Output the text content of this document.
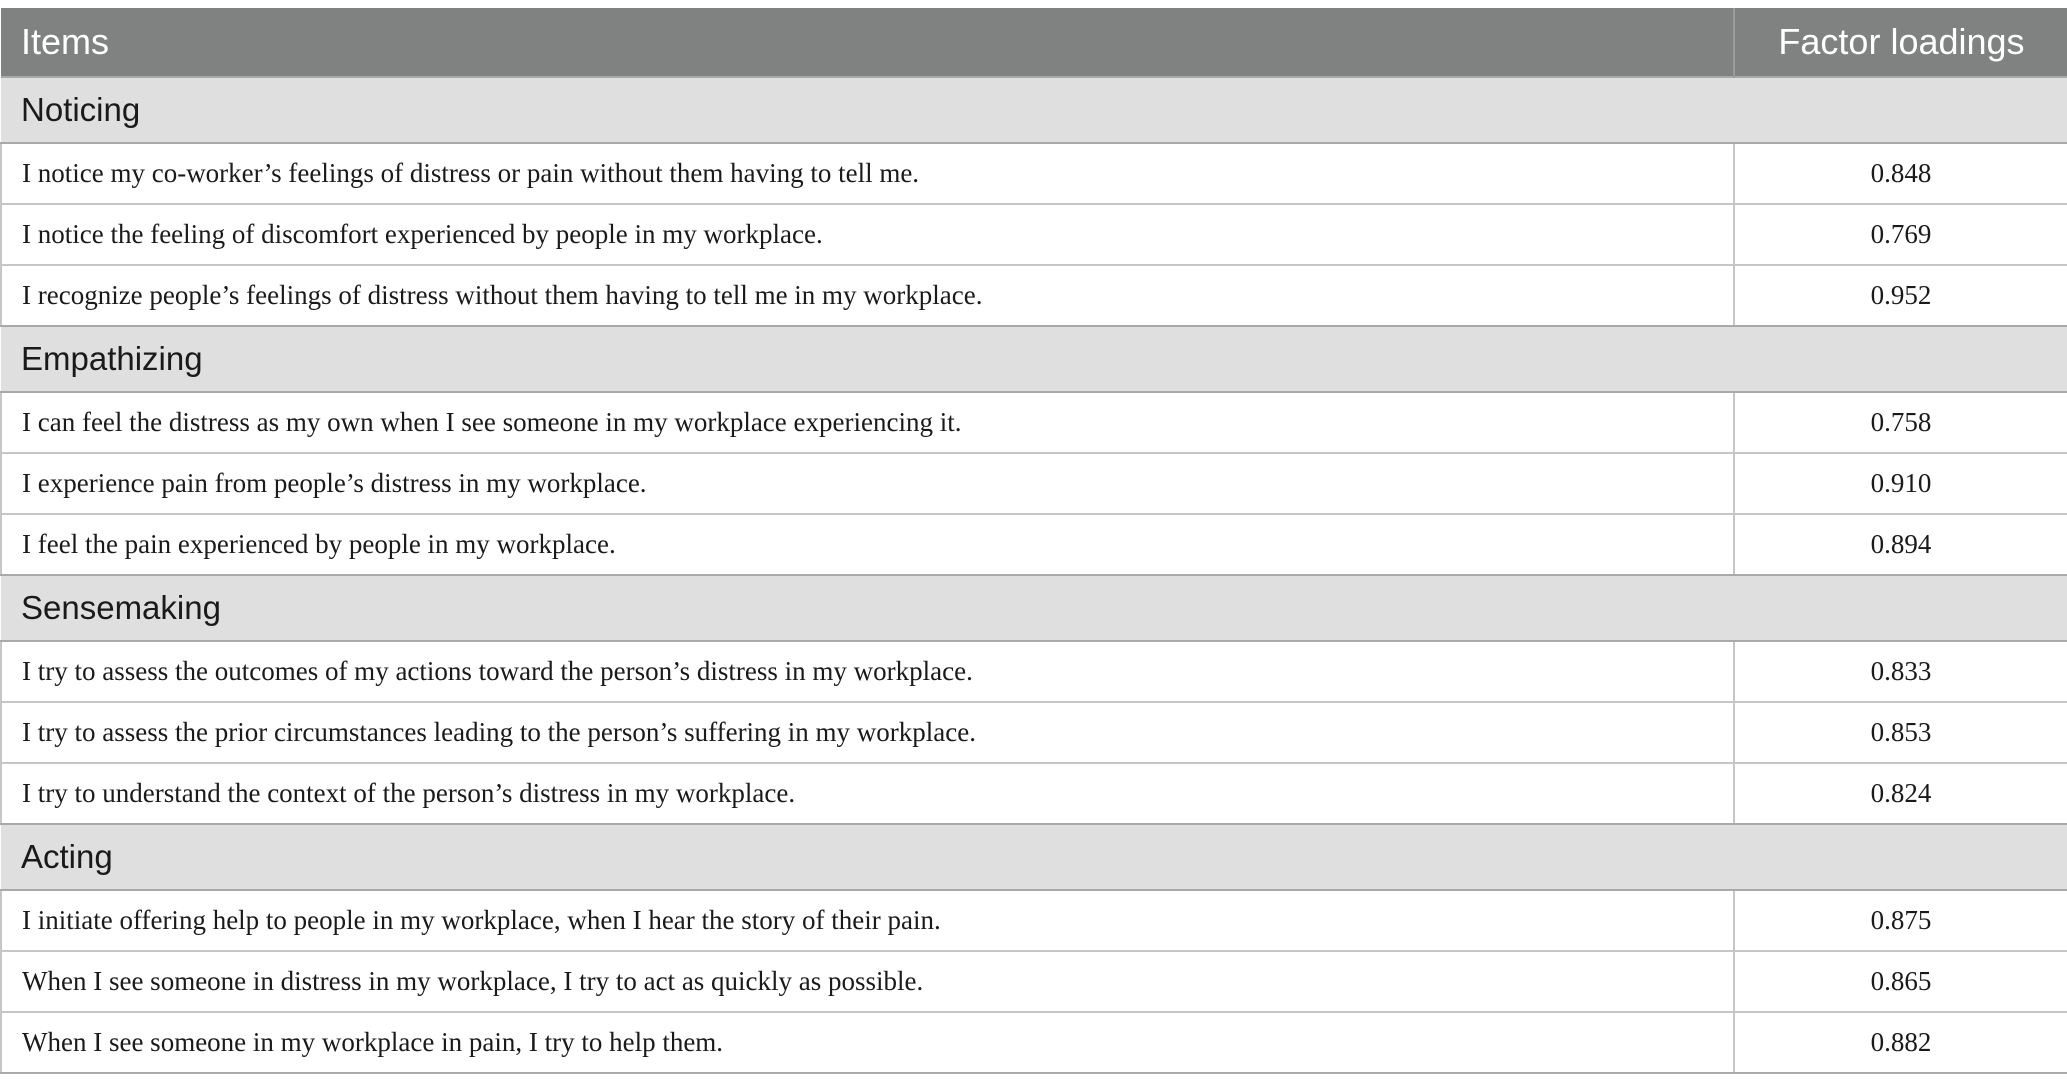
Items	Factor loadings
Noticing	
I notice my co-worker’s feelings of distress or pain without them having to tell me.	0.848
I notice the feeling of discomfort experienced by people in my workplace.	0.769
I recognize people’s feelings of distress without them having to tell me in my workplace.	0.952
Empathizing	
I can feel the distress as my own when I see someone in my workplace experiencing it.	0.758
I experience pain from people’s distress in my workplace.	0.910
I feel the pain experienced by people in my workplace.	0.894
Sensemaking	
I try to assess the outcomes of my actions toward the person’s distress in my workplace.	0.833
I try to assess the prior circumstances leading to the person’s suffering in my workplace.	0.853
I try to understand the context of the person’s distress in my workplace.	0.824
Acting	
I initiate offering help to people in my workplace, when I hear the story of their pain.	0.875
When I see someone in distress in my workplace, I try to act as quickly as possible.	0.865
When I see someone in my workplace in pain, I try to help them.	0.882
